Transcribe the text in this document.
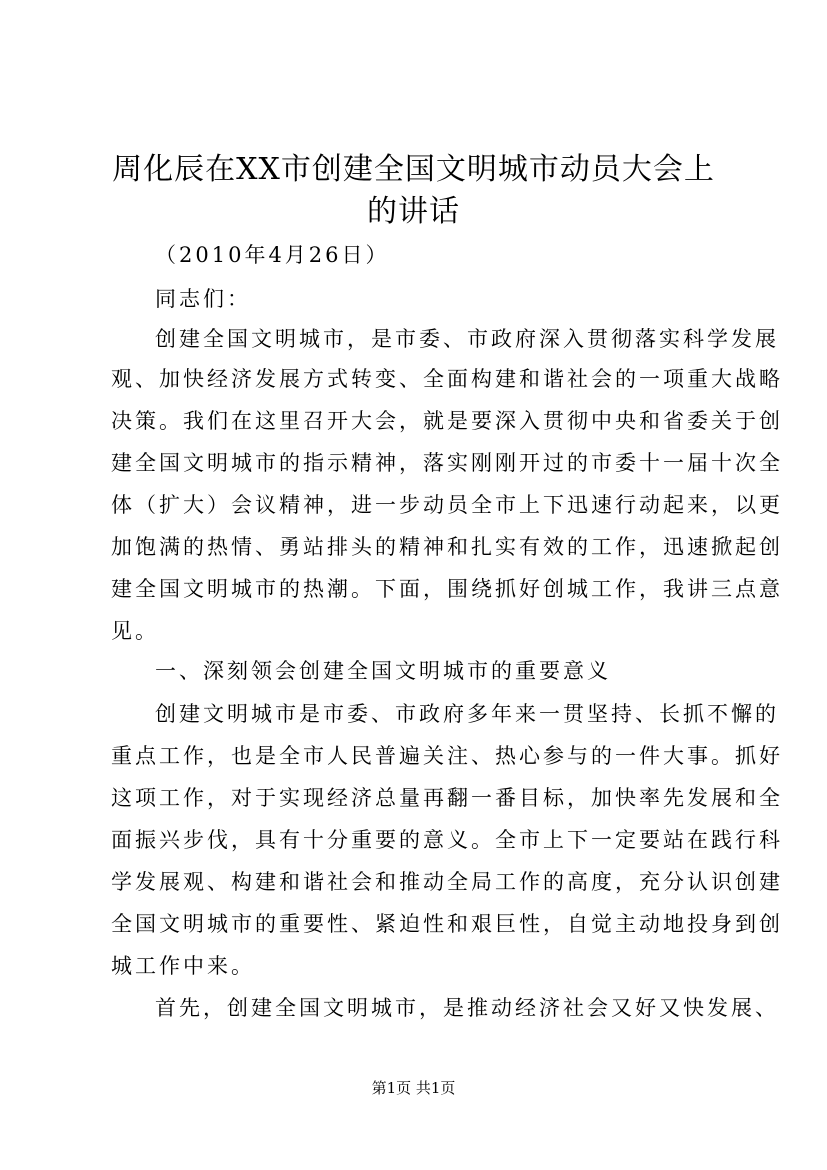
周化辰在XX市创建全国文明城市动员大会上
的讲话
（2010年4月26日）
同志们：
创建全国文明城市，是市委、市政府深入贯彻落实科学发展
观、加快经济发展方式转变、全面构建和谐社会的一项重大战略
决策。我们在这里召开大会，就是要深入贯彻中央和省委关于创
建全国文明城市的指示精神，落实刚刚开过的市委十一届十次全
体（扩大）会议精神，进一步动员全市上下迅速行动起来，以更
加饱满的热情、勇站排头的精神和扎实有效的工作，迅速掀起创
建全国文明城市的热潮。下面，围绕抓好创城工作，我讲三点意
见。
一、深刻领会创建全国文明城市的重要意义
创建文明城市是市委、市政府多年来一贯坚持、长抓不懈的
重点工作，也是全市人民普遍关注、热心参与的一件大事。抓好
这项工作，对于实现经济总量再翻一番目标，加快率先发展和全
面振兴步伐，具有十分重要的意义。全市上下一定要站在践行科
学发展观、构建和谐社会和推动全局工作的高度，充分认识创建
全国文明城市的重要性、紧迫性和艰巨性，自觉主动地投身到创
城工作中来。
首先，创建全国文明城市，是推动经济社会又好又快发展、
第1页 共1页
